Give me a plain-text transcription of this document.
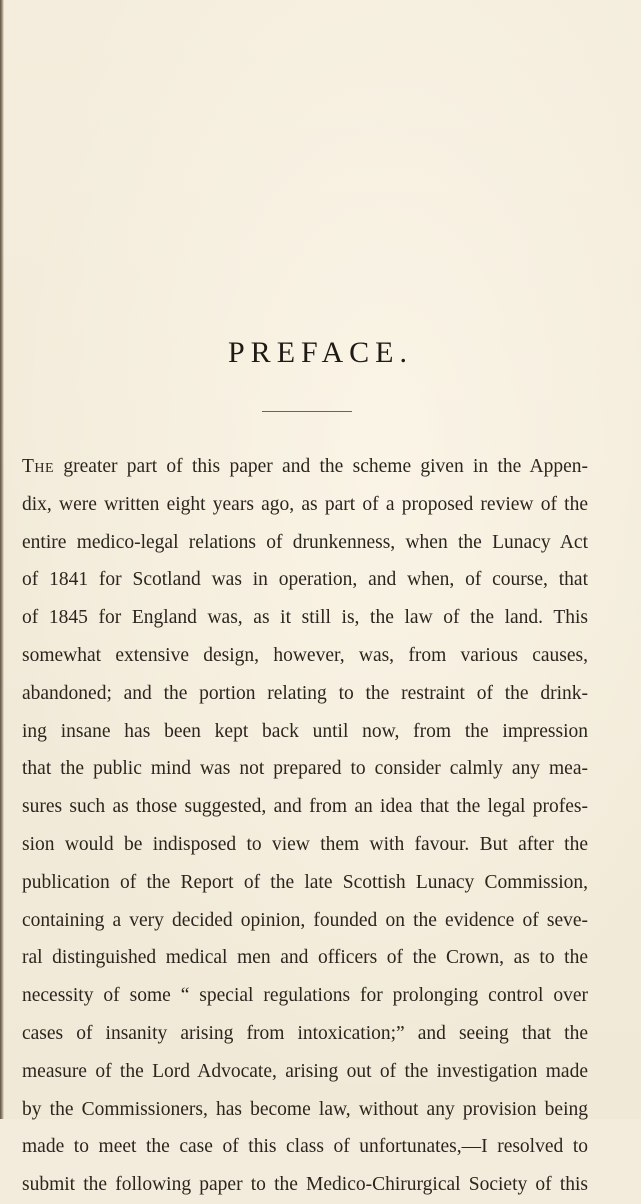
PREFACE.
The greater part of this paper and the scheme given in the Appen-
dix, were written eight years ago, as part of a proposed review of the
entire medico-legal relations of drunkenness, when the Lunacy Act
of 1841 for Scotland was in operation, and when, of course, that
of 1845 for England was, as it still is, the law of the land. This
somewhat extensive design, however, was, from various causes,
abandoned; and the portion relating to the restraint of the drink-
ing insane has been kept back until now, from the impression
that the public mind was not prepared to consider calmly any mea-
sures such as those suggested, and from an idea that the legal profes-
sion would be indisposed to view them with favour. But after the
publication of the Report of the late Scottish Lunacy Commission,
containing a very decided opinion, founded on the evidence of seve-
ral distinguished medical men and officers of the Crown, as to the
necessity of some “ special regulations for prolonging control over
cases of insanity arising from intoxication;” and seeing that the
measure of the Lord Advocate, arising out of the investigation made
by the Commissioners, has become law, without any provision being
made to meet the case of this class of unfortunates,—I resolved to
submit the following paper to the Medico-Chirurgical Society of this
